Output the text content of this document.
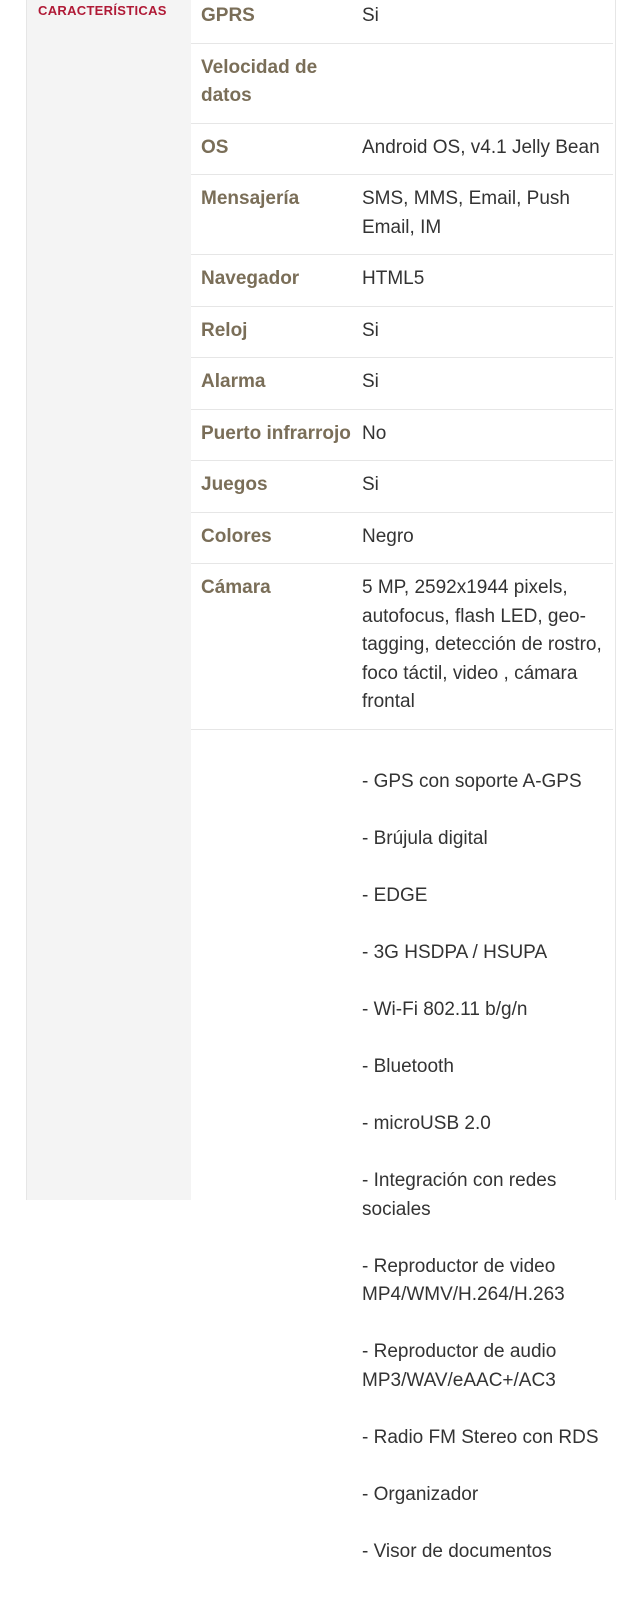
CARACTERÍSTICAS	GPRS	Si
Velocidad de datos
OS	Android OS, v4.1 Jelly Bean
Mensajería	SMS, MMS, Email, Push Email, IM
Navegador	HTML5
Reloj	Si
Alarma	Si
Puerto infrarrojo No
Juegos	Si
Colores	Negro
Cámara	5 MP, 2592x1944 pixels, autofocus, flash LED, geo-tagging, detección de rostro, foco táctil, video , cámara frontal

- GPS con soporte A-GPS

- Brújula digital

- EDGE

- 3G HSDPA / HSUPA

- Wi-Fi 802.11 b/g/n

- Bluetooth

- microUSB 2.0

- Integración con redes sociales

- Reproductor de video MP4/WMV/H.264/H.263

- Reproductor de audio MP3/WAV/eAAC+/AC3

- Radio FM Stereo con RDS

- Organizador

- Visor de documentos
